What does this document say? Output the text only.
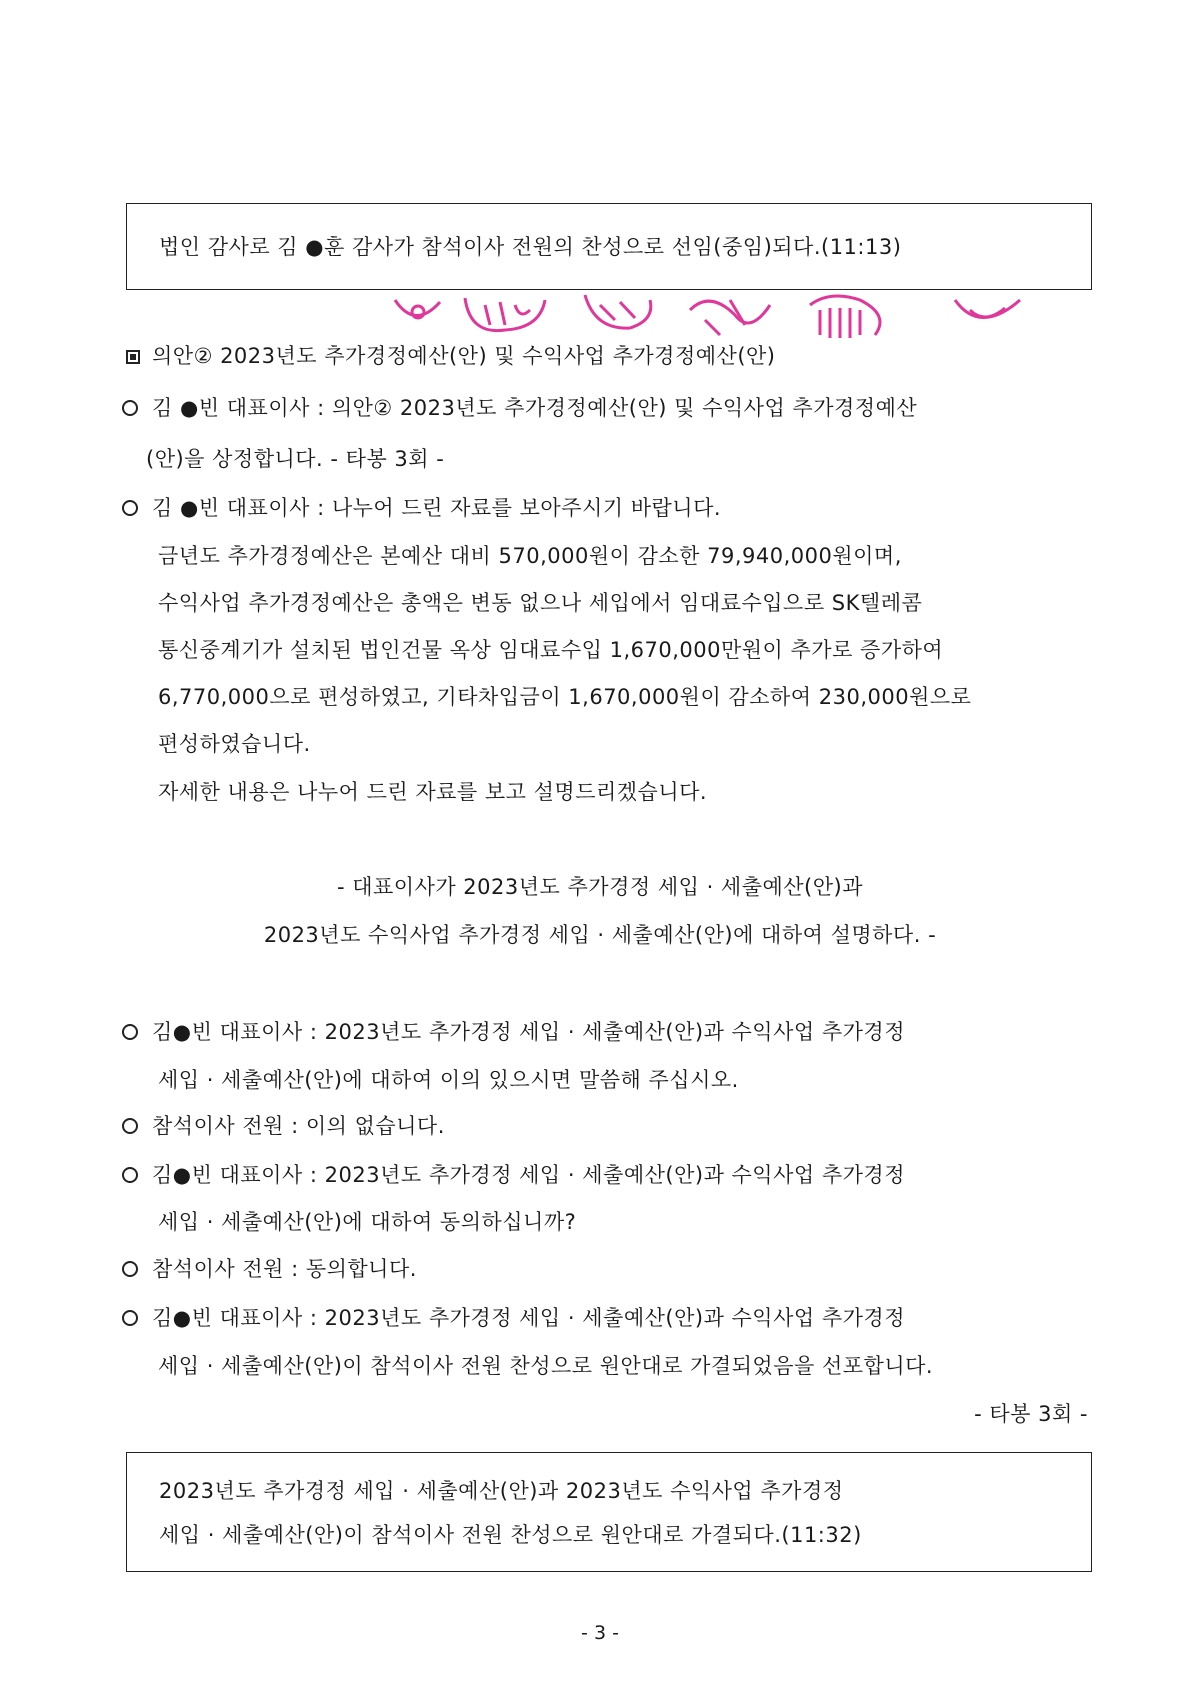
법인 감사로 김 ●훈 감사가 참석이사 전원의 찬성으로 선임(중임)되다.(11:13)
의안② 2023년도 추가경정예산(안) 및 수익사업 추가경정예산(안)
김 ●빈 대표이사 : 의안② 2023년도 추가경정예산(안) 및 수익사업 추가경정예산
(안)을 상정합니다. - 타봉 3회 -
김 ●빈 대표이사 : 나누어 드린 자료를 보아주시기 바랍니다.
금년도 추가경정예산은 본예산 대비 570,000원이 감소한 79,940,000원이며,
수익사업 추가경정예산은 총액은 변동 없으나 세입에서 임대료수입으로 SK텔레콤
통신중계기가 설치된 법인건물 옥상 임대료수입 1,670,000만원이 추가로 증가하여
6,770,000으로 편성하였고, 기타차입금이 1,670,000원이 감소하여 230,000원으로
편성하였습니다.
자세한 내용은 나누어 드린 자료를 보고 설명드리겠습니다.
- 대표이사가 2023년도 추가경정 세입 · 세출예산(안)과
2023년도 수익사업 추가경정 세입 · 세출예산(안)에 대하여 설명하다. -
김●빈 대표이사 : 2023년도 추가경정 세입 · 세출예산(안)과 수익사업 추가경정
세입 · 세출예산(안)에 대하여 이의 있으시면 말씀해 주십시오.
참석이사 전원 : 이의 없습니다.
김●빈 대표이사 : 2023년도 추가경정 세입 · 세출예산(안)과 수익사업 추가경정
세입 · 세출예산(안)에 대하여 동의하십니까?
참석이사 전원 : 동의합니다.
김●빈 대표이사 : 2023년도 추가경정 세입 · 세출예산(안)과 수익사업 추가경정
세입 · 세출예산(안)이 참석이사 전원 찬성으로 원안대로 가결되었음을 선포합니다.
- 타봉 3회 -
2023년도 추가경정 세입 · 세출예산(안)과 2023년도 수익사업 추가경정
세입 · 세출예산(안)이 참석이사 전원 찬성으로 원안대로 가결되다.(11:32)
- 3 -
